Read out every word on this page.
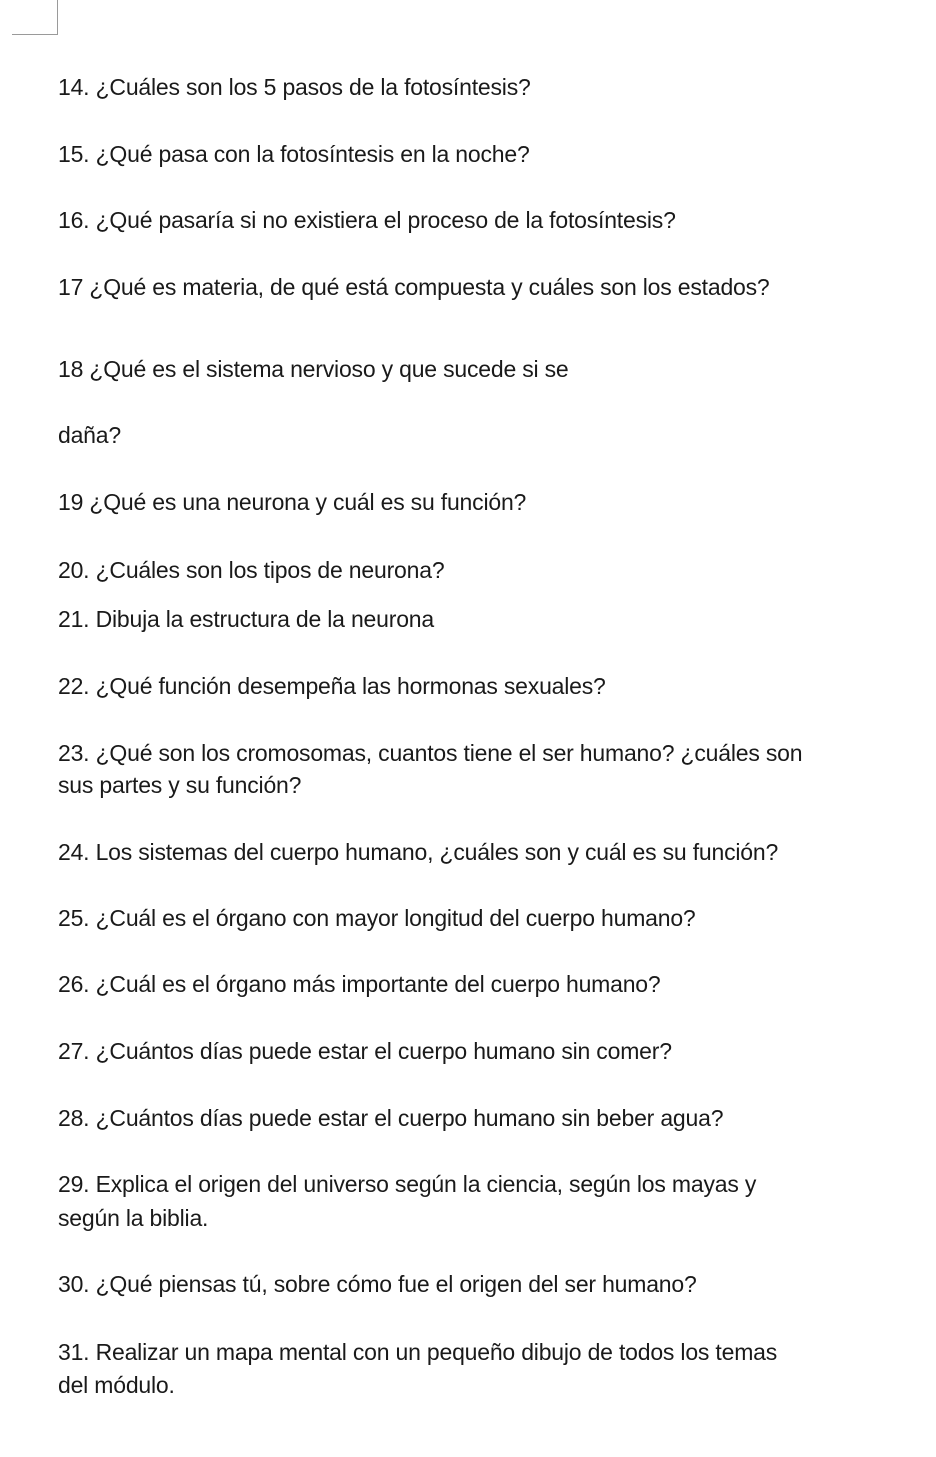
14. ¿Cuáles son los 5 pasos de la fotosíntesis?

15. ¿Qué pasa con la fotosíntesis en la noche?

16. ¿Qué pasaría si no existiera el proceso de la fotosíntesis?

17 ¿Qué es materia, de qué está compuesta y cuáles son los estados?

18 ¿Qué es el sistema nervioso y que sucede si se

daña?

19 ¿Qué es una neurona y cuál es su función?

20. ¿Cuáles son los tipos de neurona?

21. Dibuja la estructura de la neurona

22. ¿Qué función desempeña las hormonas sexuales?

23. ¿Qué son los cromosomas, cuantos tiene el ser humano? ¿cuáles son

sus partes y su función?

24. Los sistemas del cuerpo humano, ¿cuáles son y cuál es su función?

25. ¿Cuál es el órgano con mayor longitud del cuerpo humano?

26. ¿Cuál es el órgano más importante del cuerpo humano?

27. ¿Cuántos días puede estar el cuerpo humano sin comer?

28. ¿Cuántos días puede estar el cuerpo humano sin beber agua?

29. Explica el origen del universo según la ciencia, según los mayas y

según la biblia.

30. ¿Qué piensas tú, sobre cómo fue el origen del ser humano?

31. Realizar un mapa mental con un pequeño dibujo de todos los temas

del módulo.
